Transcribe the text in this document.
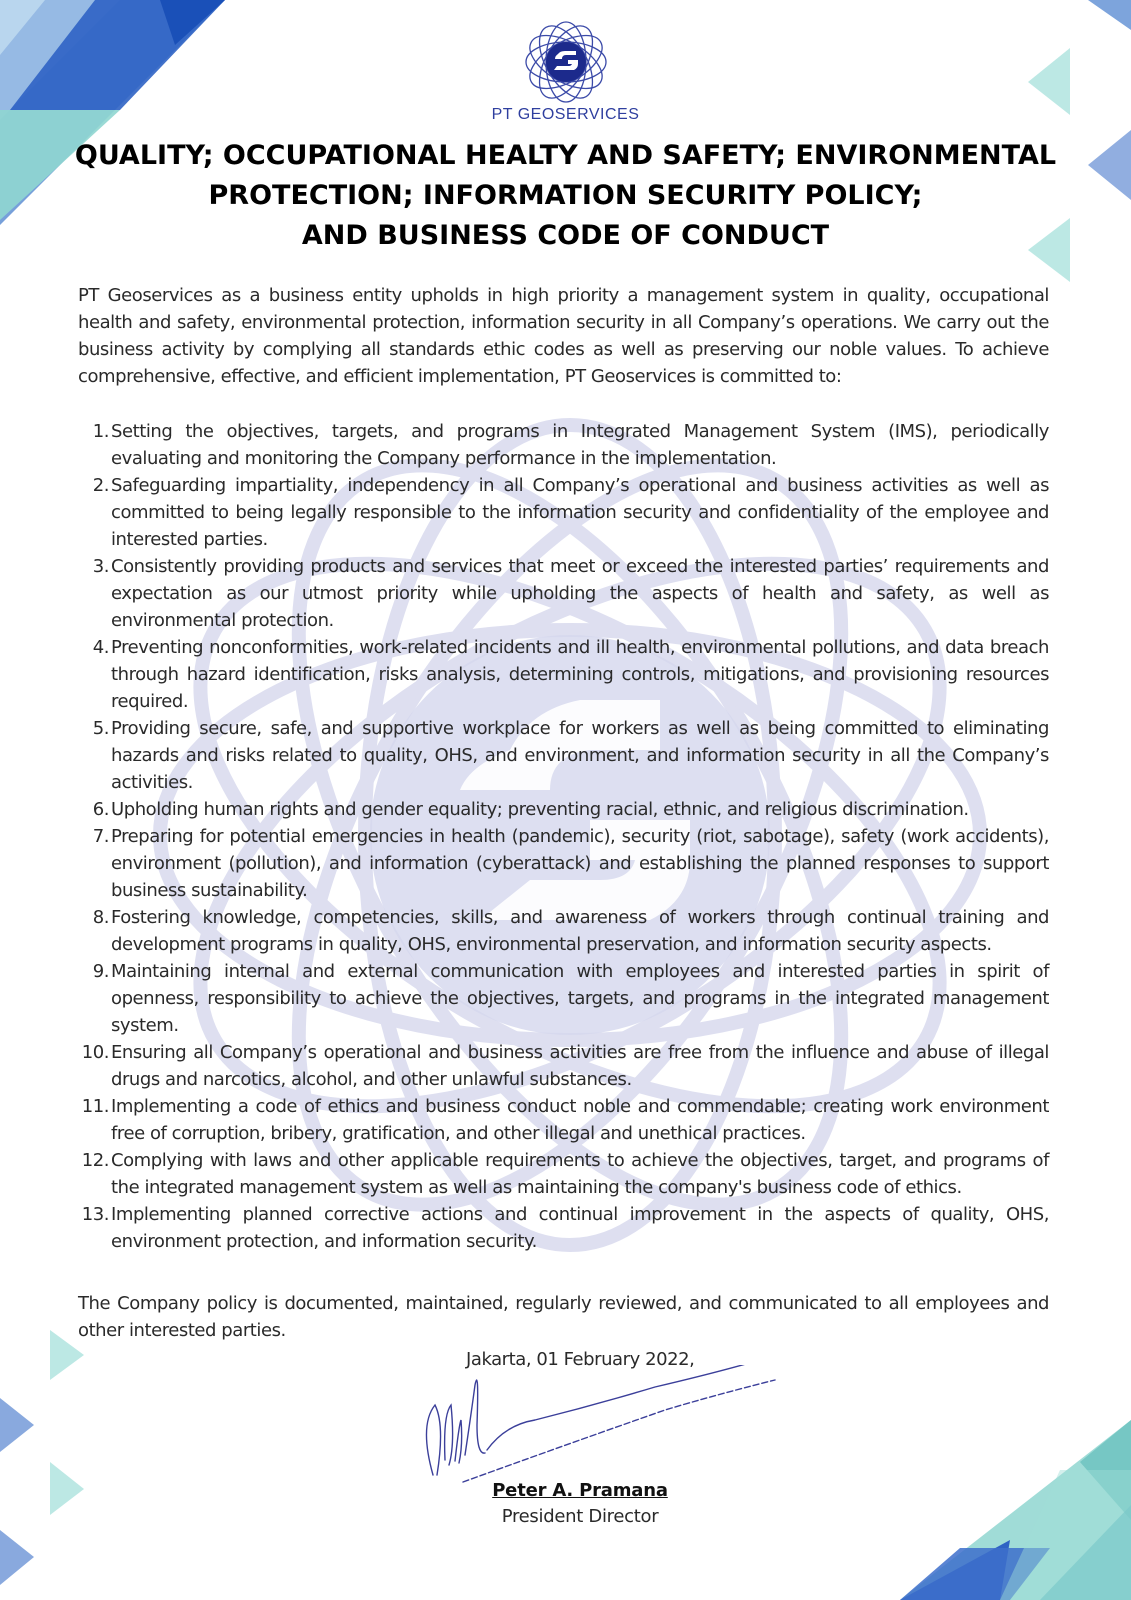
PT GEOSERVICES
QUALITY; OCCUPATIONAL HEALTY AND SAFETY; ENVIRONMENTAL
PROTECTION; INFORMATION SECURITY POLICY;
AND BUSINESS CODE OF CONDUCT

PT Geoservices as a business entity upholds in high priority a management system in quality, occupational health and safety, environmental protection, information security in all Company’s operations. We carry out the business activity by complying all standards ethic codes as well as preserving our noble values. To achieve comprehensive, effective, and efficient implementation, PT Geoservices is committed to:

1. Setting the objectives, targets, and programs in Integrated Management System (IMS), periodically evaluating and monitoring the Company performance in the implementation.
2. Safeguarding impartiality, independency in all Company’s operational and business activities as well as committed to being legally responsible to the information security and confidentiality of the employee and interested parties.
3. Consistently providing products and services that meet or exceed the interested parties’ requirements and expectation as our utmost priority while upholding the aspects of health and safety, as well as environmental protection.
4. Preventing nonconformities, work-related incidents and ill health, environmental pollutions, and data breach through hazard identification, risks analysis, determining controls, mitigations, and provisioning resources required.
5. Providing secure, safe, and supportive workplace for workers as well as being committed to eliminating hazards and risks related to quality, OHS, and environment, and information security in all the Company’s activities.
6. Upholding human rights and gender equality; preventing racial, ethnic, and religious discrimination.
7. Preparing for potential emergencies in health (pandemic), security (riot, sabotage), safety (work accidents), environment (pollution), and information (cyberattack) and establishing the planned responses to support business sustainability.
8. Fostering knowledge, competencies, skills, and awareness of workers through continual training and development programs in quality, OHS, environmental preservation, and information security aspects.
9. Maintaining internal and external communication with employees and interested parties in spirit of openness, responsibility to achieve the objectives, targets, and programs in the integrated management system.
10. Ensuring all Company’s operational and business activities are free from the influence and abuse of illegal drugs and narcotics, alcohol, and other unlawful substances.
11. Implementing a code of ethics and business conduct noble and commendable; creating work environment free of corruption, bribery, gratification, and other illegal and unethical practices.
12. Complying with laws and other applicable requirements to achieve the objectives, target, and programs of the integrated management system as well as maintaining the company's business code of ethics.
13. Implementing planned corrective actions and continual improvement in the aspects of quality, OHS, environment protection, and information security.

The Company policy is documented, maintained, regularly reviewed, and communicated to all employees and other interested parties.

Jakarta, 01 February 2022,
Peter A. Pramana
President Director
